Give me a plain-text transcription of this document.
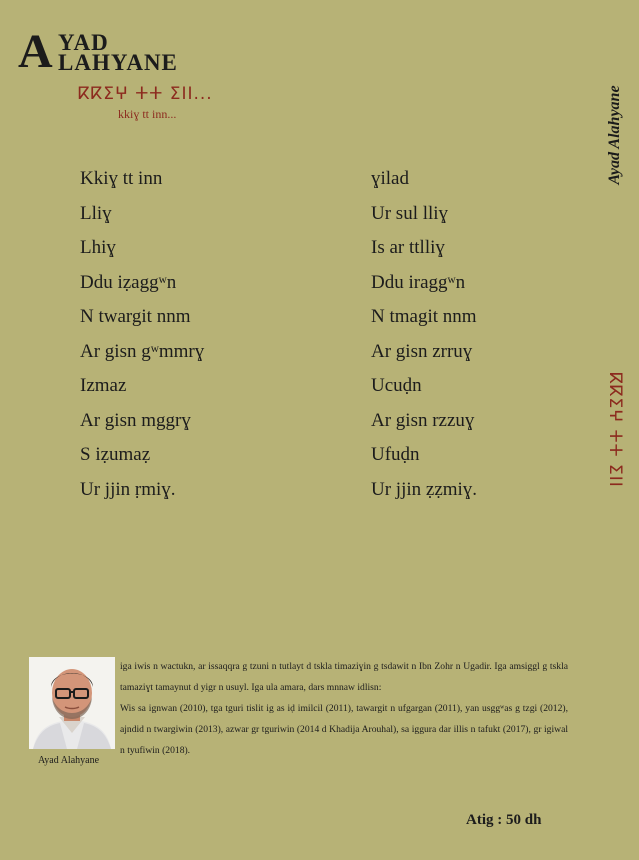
A YAD
LAHYANE
ⴽⴽⵉⵖ ⵜⵜ ⵉⵏⵏ...
kkiɣ tt inn...	Ayad Alahyane
ⴽⴽⵉⵖ ⵜⵜ ⵉⵏⵏ
Kkiɣ tt inn	ɣilad
Lliɣ	Ur sul lliɣ
Lhiɣ	Is ar ttlliɣ
Ddu iẓaggʷn	Ddu iraggʷn
N twargit nnm	N tmagit nnm
Ar gisn gʷmmrɣ	Ar gisn zrruɣ
Izmaz	Ucuḍn
Ar gisn mggrɣ	Ar gisn rzzuɣ
S iẓumaẓ	Ufuḍn
Ur jjin ṛmiɣ.	Ur jjin ẓẓmiɣ.
Ayad Alahyane

iga iwis n wactukn, ar issaqqra g tzuni n tutlayt d tskla timaziɣin g tsdawit n Ibn Zohr n Ugadir. Iga amsiggl g tskla tamaziɣt tamaynut d yigr n usuyl. Iga ula amara, dars mnnaw idlisn:

Wis sa ignwan (2010), tga tguri tislit ig as iḍ imilcil (2011), tawargit n ufgargan (2011), yan usggʷas g tzgi (2012), ajndid n twargiwin (2013), azwar gr tguriwin (2014 d Khadija Arouhal), sa iggura dar illis n tafukt (2017), gr igiwal n tyufiwin (2018).

Atig : 50 dh
